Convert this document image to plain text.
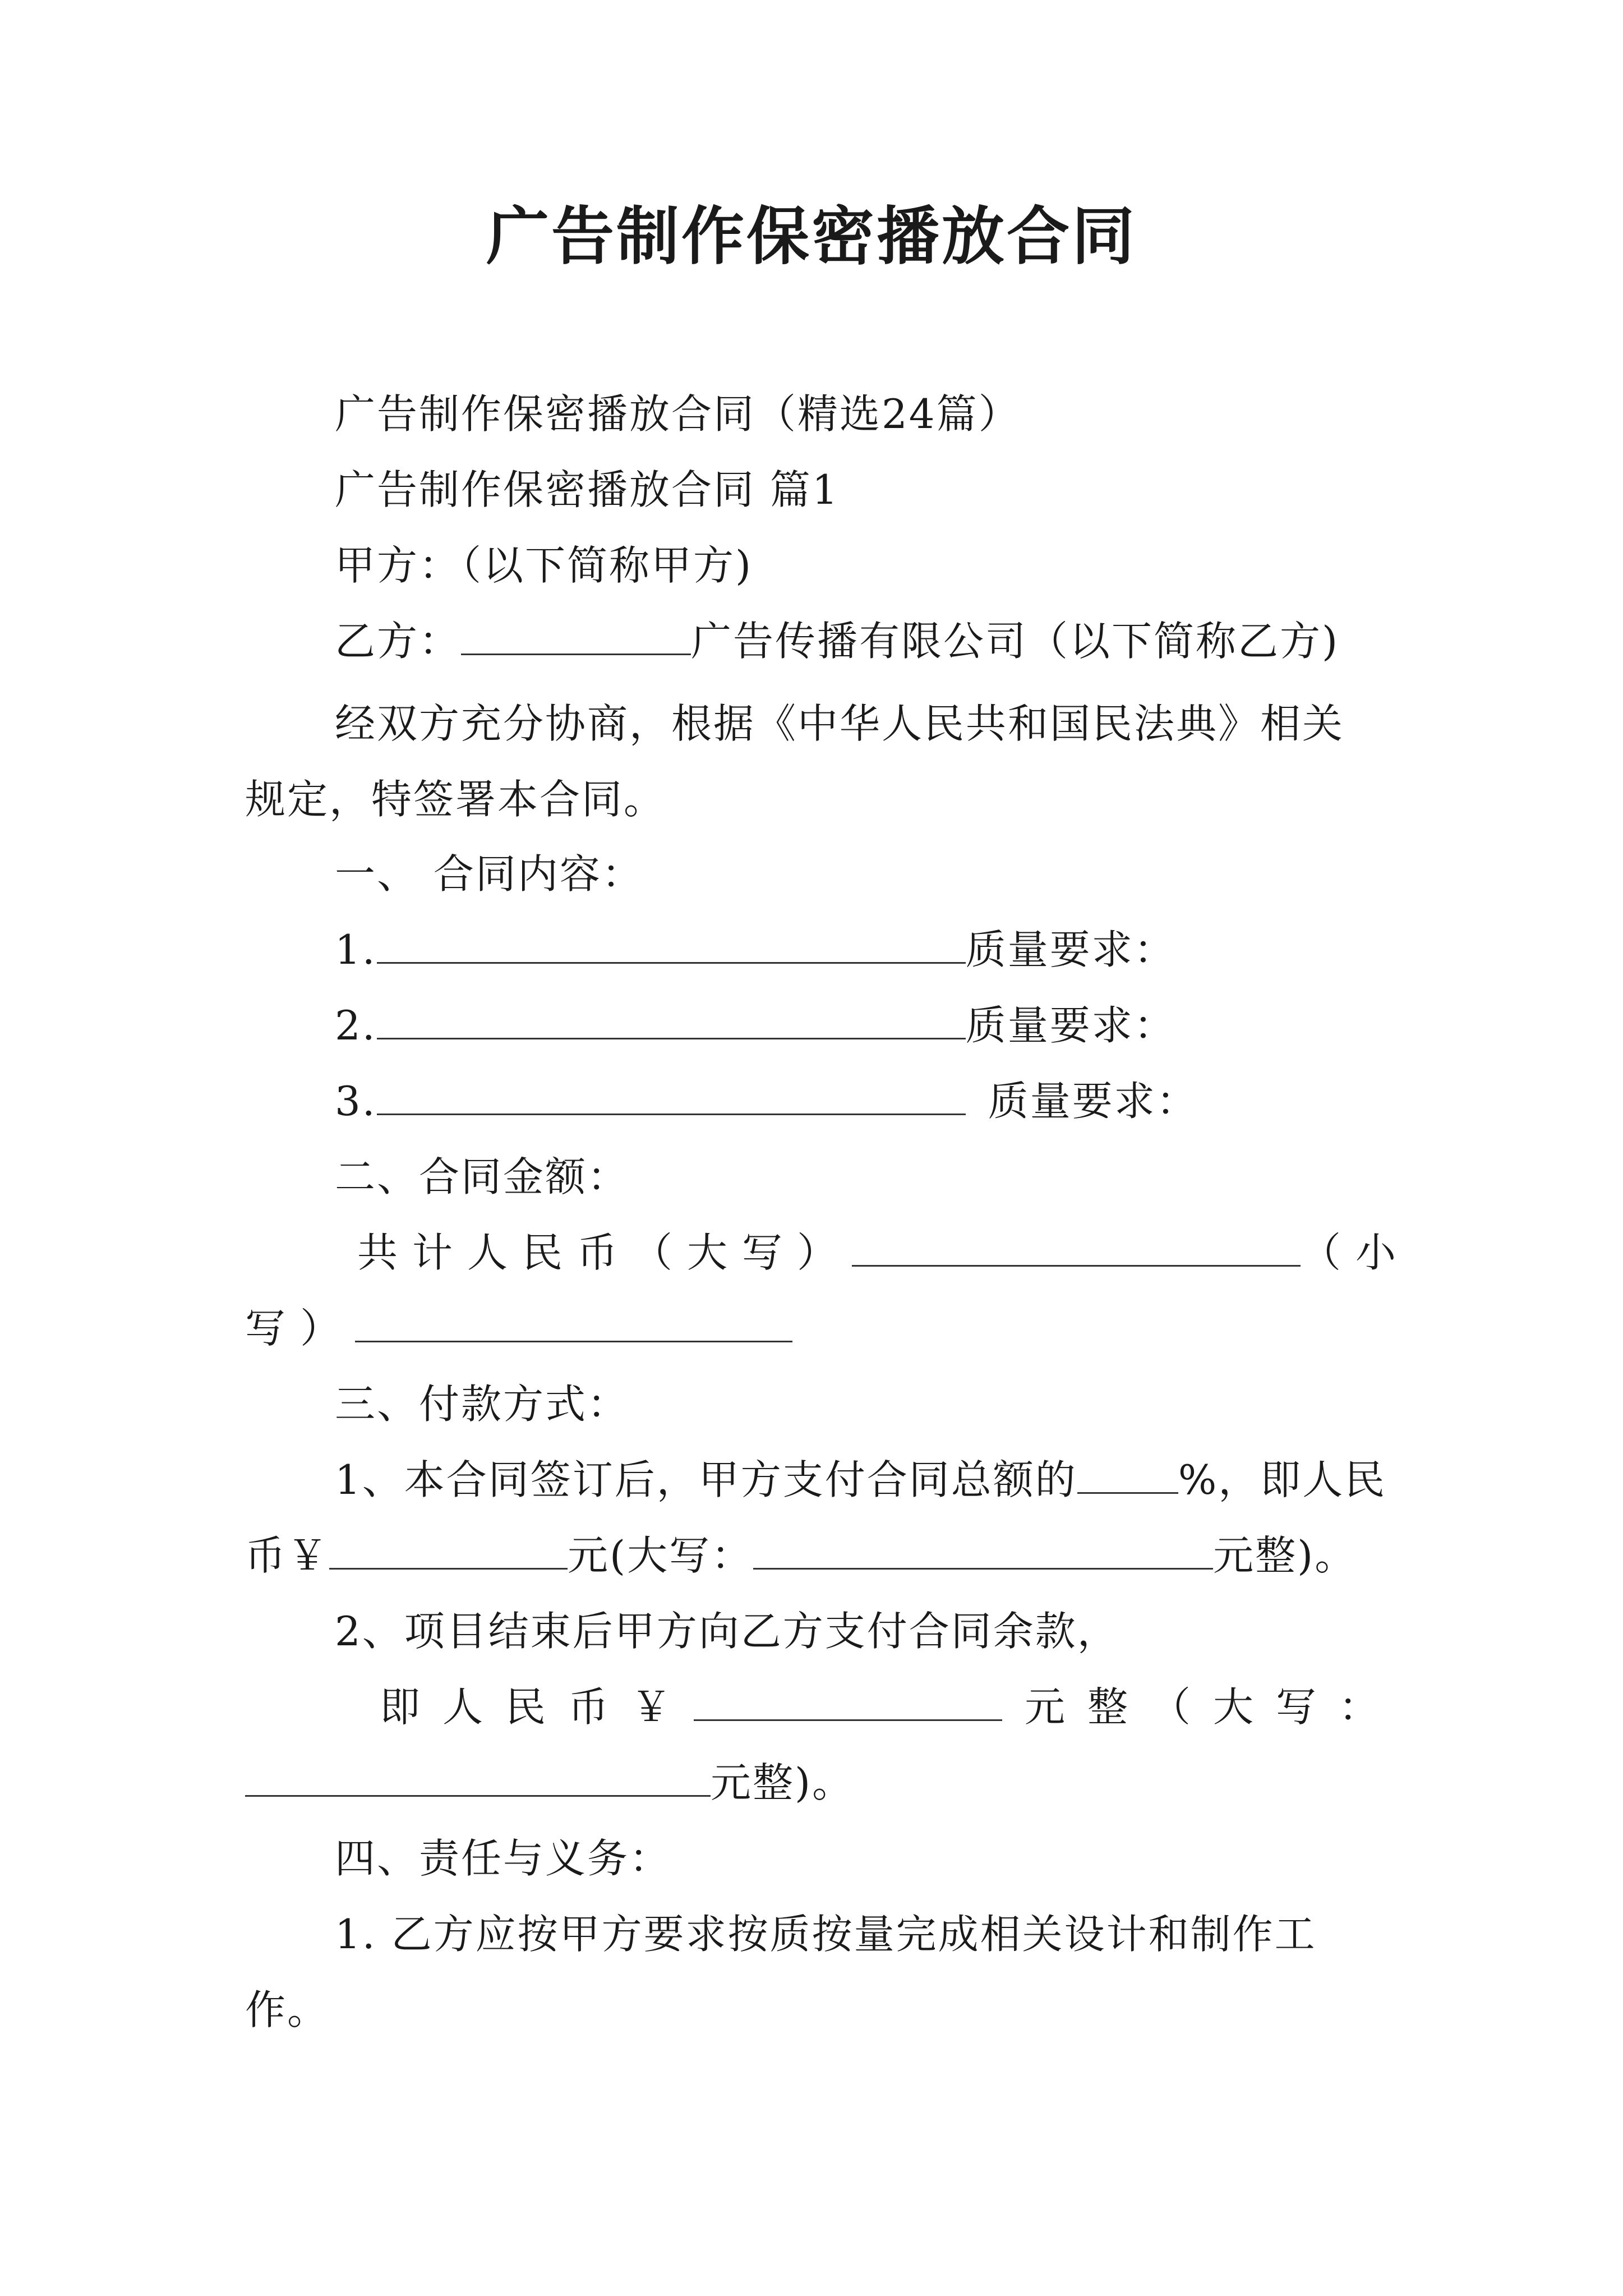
广告制作保密播放合同
广告制作保密播放合同（精选24篇）
广告制作保密播放合同 篇1
甲方：（以下简称甲方)
乙方：	广告传播有限公司（以下简称乙方)
经双方充分协商，根据《中华人民共和国民法典》相关
规定，特签署本合同。
一、 合同内容：
1.	质量要求：
2.	质量要求：
3.	质量要求：
二、合同金额：
共计人民币（大写）	（小
写）
三、付款方式：
1、本合同签订后，甲方支付合同总额的	%，即人民
币￥	元(大写：	元整)。
2、项目结束后甲方向乙方支付合同余款，
即人民币￥	元整（大写：
元整)。
四、责任与义务：
1. 乙方应按甲方要求按质按量完成相关设计和制作工
作。
